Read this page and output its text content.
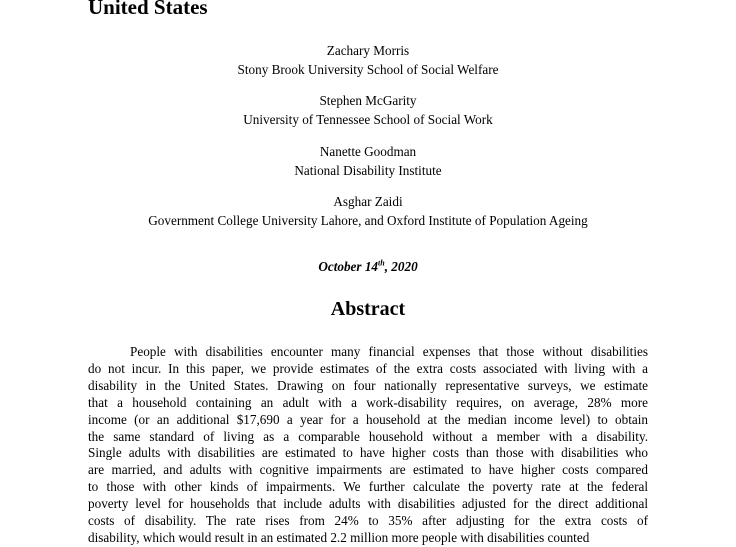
United States
Zachary Morris
Stony Brook University School of Social Welfare
Stephen McGarity
University of Tennessee School of Social Work
Nanette Goodman
National Disability Institute
Asghar Zaidi
Government College University Lahore, and Oxford Institute of Population Ageing
October 14th, 2020
Abstract
People with disabilities encounter many financial expenses that those without disabilities
do not incur. In this paper, we provide estimates of the extra costs associated with living with a
disability in the United States. Drawing on four nationally representative surveys, we estimate
that a household containing an adult with a work-disability requires, on average, 28% more
income (or an additional $17,690 a year for a household at the median income level) to obtain
the same standard of living as a comparable household without a member with a disability.
Single adults with disabilities are estimated to have higher costs than those with disabilities who
are married, and adults with cognitive impairments are estimated to have higher costs compared
to those with other kinds of impairments. We further calculate the poverty rate at the federal
poverty level for households that include adults with disabilities adjusted for the direct additional
costs of disability. The rate rises from 24% to 35% after adjusting for the extra costs of
disability, which would result in an estimated 2.2 million more people with disabilities counted
